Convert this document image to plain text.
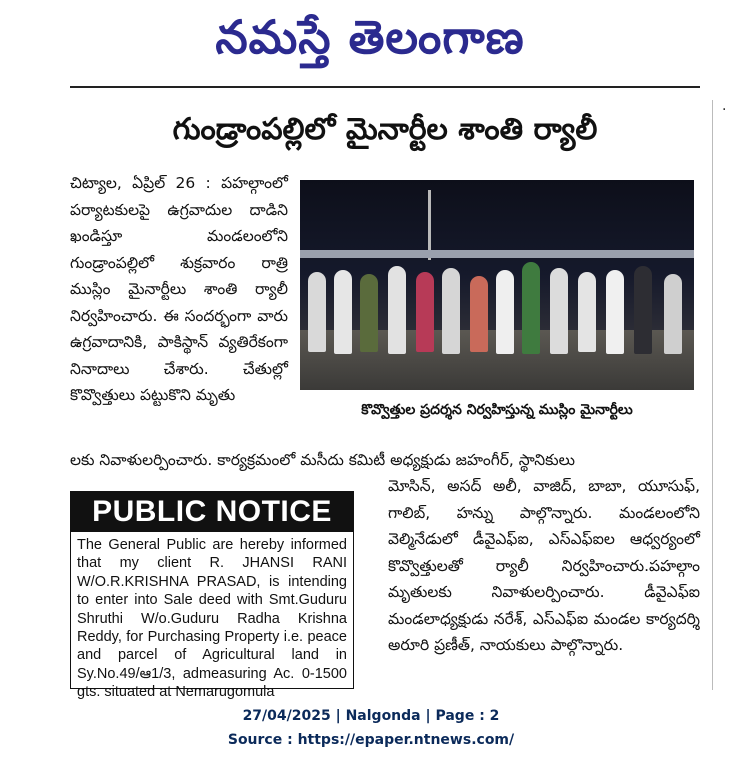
నమస్తే తెలంగాణ
·
గుండ్రాంపల్లిలో మైనార్టీల శాంతి ర్యాలీ
చిట్యాల, ఏప్రిల్ 26 : పహల్గాంలో పర్యాటకులపై ఉగ్రవాదుల దాడిని ఖండిస్తూ మండలంలోని గుండ్రాంపల్లిలో శుక్రవారం రాత్రి ముస్లిం మైనార్టీలు శాంతి ర్యాలీ నిర్వహించారు. ఈ సందర్భంగా వారు ఉగ్రవాదానికి, పాకిస్థాన్ వ్యతిరేకంగా నినాదాలు చేశారు. చేతుల్లో కొవ్వొత్తులు పట్టుకొని మృతు
కొవ్వొత్తుల ప్రదర్శన నిర్వహిస్తున్న ముస్లిం మైనార్టీలు
లకు నివాళులర్పించారు. కార్యక్రమంలో మసీదు కమిటీ అధ్యక్షుడు జహంగీర్, స్థానికులు
PUBLIC NOTICE
The General Public are hereby informed that my client R. JHANSI RANI W/O.R.KRISHNA PRASAD, is intending to enter into Sale deed with Smt.Guduru Shruthi W/o.Guduru Radha Krishna Reddy, for Purchasing Property i.e. peace and parcel of Agricultural land in Sy.No.49/ఆ1/3, admeasuring Ac. 0-1500 gts. situated at Nemarugomula
మోసిన్, అసద్ అలీ, వాజిద్, బాబా, యూసుఫ్, గాలిబ్, హన్ను పాల్గొన్నారు. మండలంలోని వెల్మినేడులో డీవైఎఫ్ఐ, ఎస్ఎఫ్ఐల ఆధ్వర్యంలో కొవ్వొత్తులతో ర్యాలీ నిర్వహించారు.పహల్గాం మృతులకు నివాళులర్పించారు. డీవైఎఫ్ఐ మండలాధ్యక్షుడు నరేశ్, ఎస్ఎఫ్ఐ మండల కార్యదర్శి అరూరి ప్రణీత్, నాయకులు పాల్గొన్నారు.
27/04/2025 | Nalgonda | Page : 2
Source : https://epaper.ntnews.com/
